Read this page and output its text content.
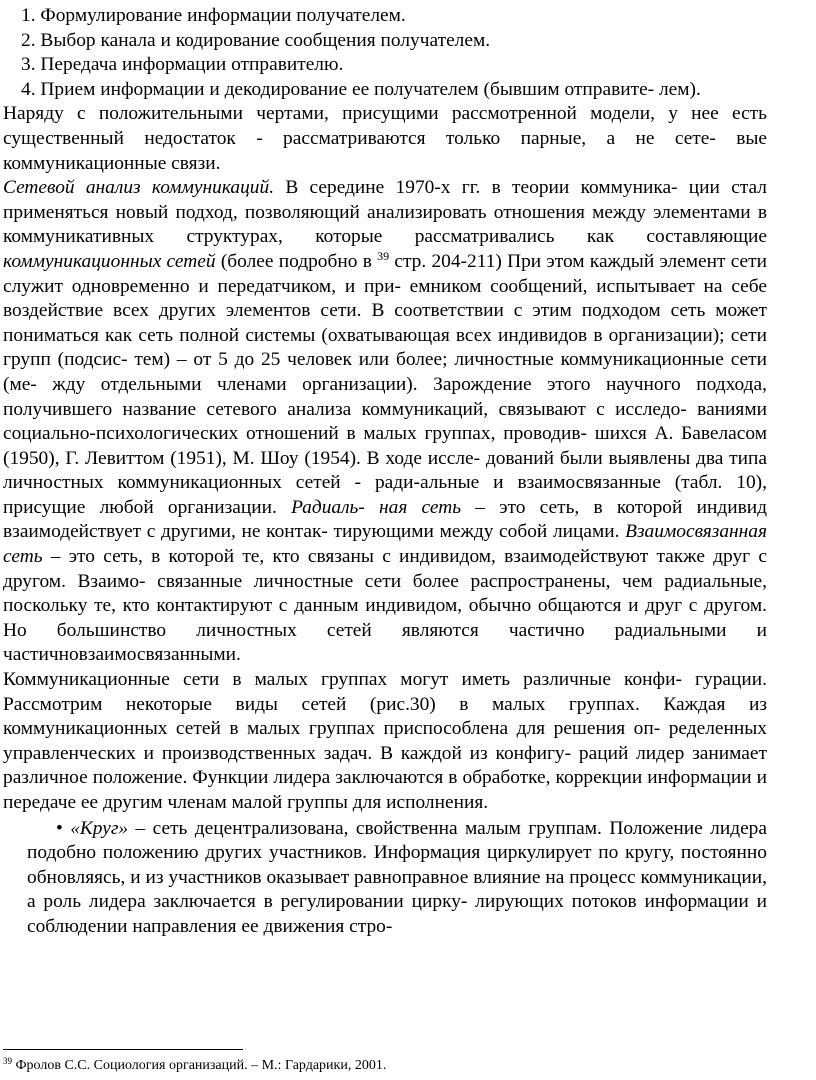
1. Формулирование информации получателем.
2. Выбор канала и кодирование сообщения получателем.
3. Передача информации отправителю.
4. Прием информации и декодирование ее получателем (бывшим отправите- лем).

Наряду с положительными чертами, присущими рассмотренной модели, у нее есть существенный недостаток - рассматриваются только парные, а не сете- вые коммуникационные связи.

Сетевой анализ коммуникаций. В середине 1970-х гг. в теории коммуника- ции стал применяться новый подход, позволяющий анализировать отношения между элементами в коммуникативных структурах, которые рассматривались как составляющие коммуникационных сетей (более подробно в $^{39}$ стр. 204-211) При этом каждый элемент сети служит одновременно и передатчиком, и при- емником сообщений, испытывает на себе воздействие всех других элементов сети. В соответствии с этим подходом сеть может пониматься как сеть полной системы (охватывающая всех индивидов в организации); сети групп (подсис- тем) – от 5 до 25 человек или более; личностные коммуникационные сети (ме- жду отдельными членами организации). Зарождение этого научного подхода, получившего название сетевого анализа коммуникаций, связывают с исследо- ваниями социально-психологических отношений в малых группах, проводив- шихся А. Бавеласом (1950), Г. Левиттом (1951), М. Шоу (1954). В ходе иссле- дований были выявлены два типа личностных коммуникационных сетей - ради-альные и взаимосвязанные (табл. 10), присущие любой организации. Радиаль- ная сеть – это сеть, в которой индивид взаимодействует с другими, не контак- тирующими между собой лицами. Взаимосвязанная сеть – это сеть, в которой те, кто связаны с индивидом, взаимодействуют также друг с другом. Взаимо- связанные личностные сети более распространены, чем радиальные, поскольку те, кто контактируют с данным индивидом, обычно общаются и друг с другом. Но большинство личностных сетей являются частично радиальными и частичновзаимосвязанными.

Коммуникационные сети в малых группах могут иметь различные конфи- гурации. Рассмотрим некоторые виды сетей (рис.30) в малых группах. Каждая из коммуникационных сетей в малых группах приспособлена для решения оп- ределенных управленческих и производственных задач. В каждой из конфигу- раций лидер занимает различное положение. Функции лидера заключаются в обработке, коррекции информации и передаче ее другим членам малой группы для исполнения.

• «Круг» – сеть децентрализована, свойственна малым группам. Положение лидера подобно положению других участников. Информация циркулирует по кругу, постоянно обновляясь, и из участников оказывает равноправное влияние на процесс коммуникации, а роль лидера заключается в регулировании цирку- лирующих потоков информации и соблюдении направления ее движения стро-

$^{39}$ Фролов С.С. Социология организаций. – М.: Гардарики, 2001.
